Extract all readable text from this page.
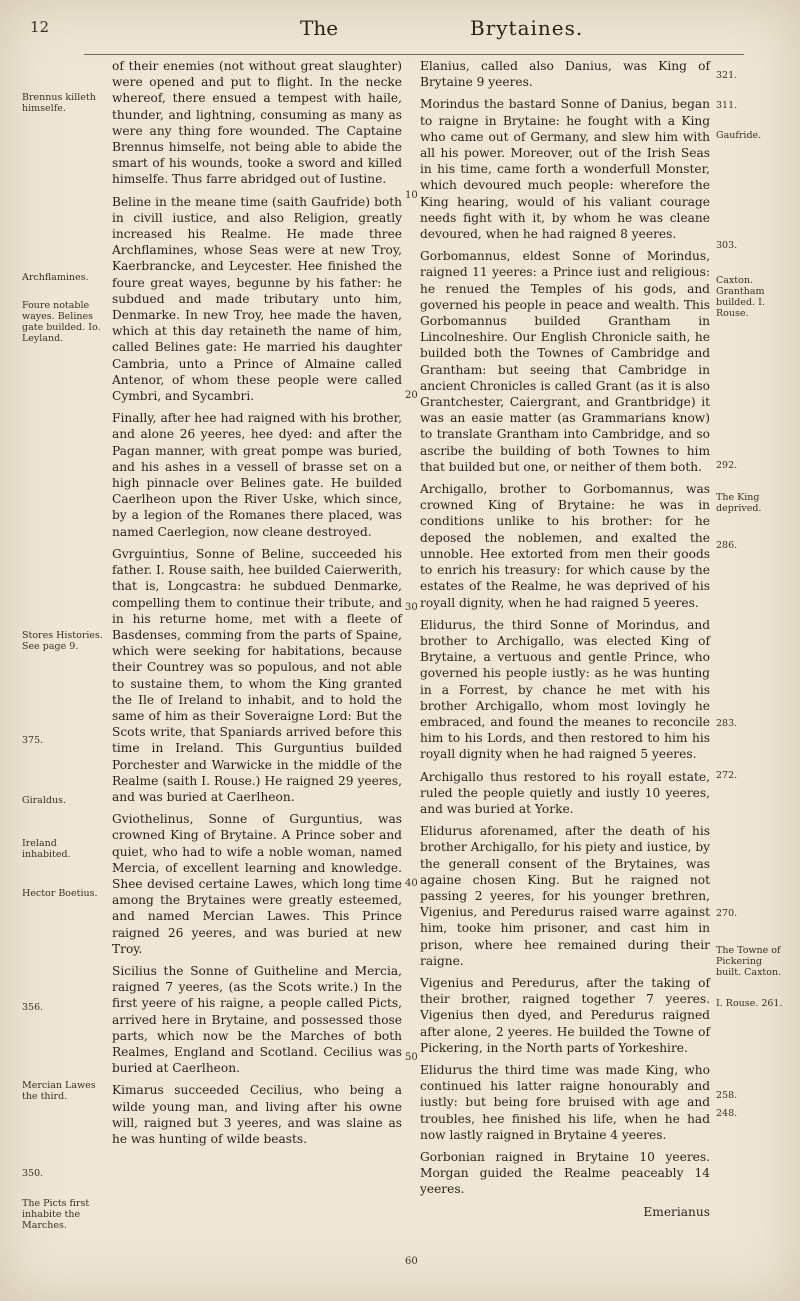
12	The	Brytaines.

of their enemies (not without great slaughter) were opened and put to flight. In the necke whereof, there ensued a tempest with haile, thunder, and lightning, consuming as many as were any thing fore wounded. The Captaine Brennus himselfe, not being able to abide the smart of his wounds, tooke a sword and killed himselfe. Thus farre abridged out of Iustine.

Beline in the meane time (saith Gaufride) both in civill iustice, and also Religion, greatly increased his Realme. He made three Archflamines, whose Seas were at new Troy, Kaerbrancke, and Leycester. Hee finished the foure great wayes, begunne by his father: he subdued and made tributary unto him, Denmarke. In new Troy, hee made the haven, which at this day retaineth the name of him, called Belines gate: He married his daughter Cambria, unto a Prince of Almaine called Antenor, of whom these people were called Cymbri, and Sycambri.

Finally, after hee had raigned with his brother, and alone 26 yeeres, hee dyed: and after the Pagan manner, with great pompe was buried, and his ashes in a vessell of brasse set on a high pinnacle over Belines gate. He builded Caerlheon upon the River Uske, which since, by a legion of the Romanes there placed, was named Caerlegion, now cleane destroyed.

Gvrguintius, Sonne of Beline, succeeded his father. I. Rouse saith, hee builded Caierwerith, that is, Longcastra: he subdued Denmarke, compelling them to continue their tribute, and in his returne home, met with a fleete of Basdenses, comming from the parts of Spaine, which were seeking for habitations, because their Countrey was so populous, and not able to sustaine them, to whom the King granted the Ile of Ireland to inhabit, and to hold the same of him as their Soveraigne Lord: But the Scots write, that Spaniards arrived before this time in Ireland. This Gurguntius builded Porchester and Warwicke in the middle of the Realme (saith I. Rouse.) He raigned 29 yeeres, and was buried at Caerlheon.

Gviothelinus, Sonne of Gurguntius, was crowned King of Brytaine. A Prince sober and quiet, who had to wife a noble woman, named Mercia, of excellent learning and knowledge. Shee devised certaine Lawes, which long time among the Brytaines were greatly esteemed, and named Mercian Lawes. This Prince raigned 26 yeeres, and was buried at new Troy.

Sicilius the Sonne of Guitheline and Mercia, raigned 7 yeeres, (as the Scots write.) In the first yeere of his raigne, a people called Picts, arrived here in Brytaine, and possessed those parts, which now be the Marches of both Realmes, England and Scotland. Cecilius was buried at Caerlheon.

Kimarus succeeded Cecilius, who being a wilde young man, and living after his owne will, raigned but 3 yeeres, and was slaine as he was hunting of wilde beasts.

Elanius, called also Danius, was King of Brytaine 9 yeeres.

Morindus the bastard Sonne of Danius, began to raigne in Brytaine: he fought with a King who came out of Germany, and slew him with all his power. Moreover, out of the Irish Seas in his time, came forth a wonderfull Monster, which devoured much people: wherefore the King hearing, would of his valiant courage needs fight with it, by whom he was cleane devoured, when he had raigned 8 yeeres.

Gorbomannus, eldest Sonne of Morindus, raigned 11 yeeres: a Prince iust and religious: he renued the Temples of his gods, and governed his people in peace and wealth. This Gorbomannus builded Grantham in Lincolneshire. Our English Chronicle saith, he builded both the Townes of Cambridge and Grantham: but seeing that Cambridge in ancient Chronicles is called Grant (as it is also Grantchester, Caiergrant, and Grantbridge) it was an easie matter (as Grammarians know) to translate Grantham into Cambridge, and so ascribe the building of both Townes to him that builded but one, or neither of them both.

Archigallo, brother to Gorbomannus, was crowned King of Brytaine: he was in conditions unlike to his brother: for he deposed the noblemen, and exalted the unnoble. Hee extorted from men their goods to enrich his treasury: for which cause by the estates of the Realme, he was deprived of his royall dignity, when he had raigned 5 yeeres.

Elidurus, the third Sonne of Morindus, and brother to Archigallo, was elected King of Brytaine, a vertuous and gentle Prince, who governed his people iustly: as he was hunting in a Forrest, by chance he met with his brother Archigallo, whom most lovingly he embraced, and found the meanes to reconcile him to his Lords, and then restored to him his royall dignity when he had raigned 5 yeeres.

Archigallo thus restored to his royall estate, ruled the people quietly and iustly 10 yeeres, and was buried at Yorke.

Elidurus aforenamed, after the death of his brother Archigallo, for his piety and iustice, by the generall consent of the Brytaines, was againe chosen King. But he raigned not passing 2 yeeres, for his younger brethren, Vigenius, and Peredurus raised warre against him, tooke him prisoner, and cast him in prison, where hee remained during their raigne.

Vigenius and Peredurus, after the taking of their brother, raigned together 7 yeeres. Vigenius then dyed, and Peredurus raigned after alone, 2 yeeres. He builded the Towne of Pickering, in the North parts of Yorkeshire.

Elidurus the third time was made King, who continued his latter raigne honourably and iustly: but being fore bruised with age and troubles, hee finished his life, when he had now lastly raigned in Brytaine 4 yeeres.

Gorbonian raigned in Brytaine 10 yeeres. Morgan guided the Realme peaceably 14 yeeres.

Emerianus

Brennus killeth himselfe.
Archflamines.
Foure notable wayes. Belines gate builded. Io. Leyland.
Stores Histories. See page 9.
375.
Giraldus.
Ireland inhabited.
Hector Boetius.
356.
Mercian Lawes the third.
350.
The Picts first inhabite the Marches.
321.
311.
Gaufride.
303.
Caxton. Grantham builded. I. Rouse.
292.
The King deprived.
286.
283.
272.
270.
The Towne of Pickering built. Caxton.
I. Rouse. 261.
258.
248.
10
20
30
40
50
60
